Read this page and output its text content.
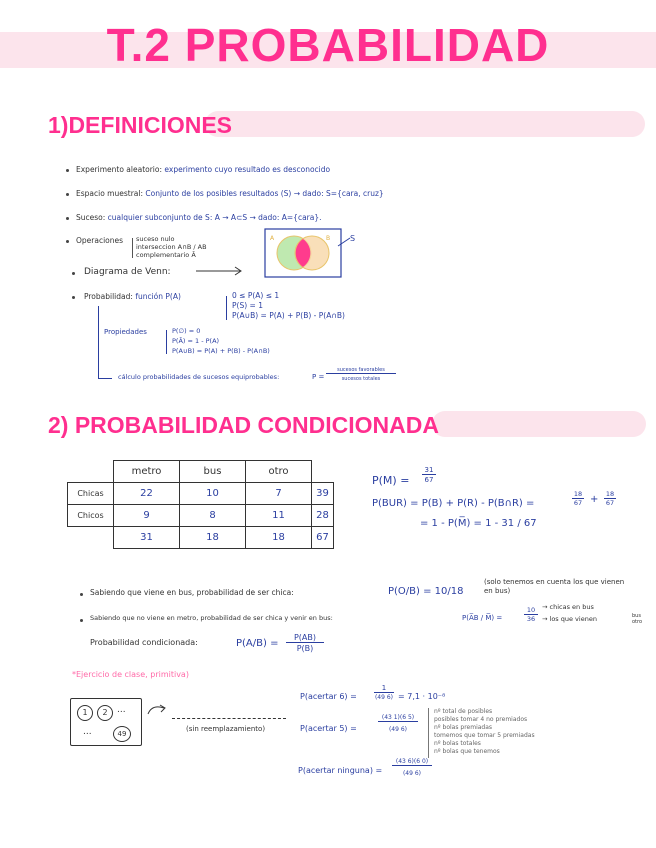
T.2 PROBABILIDAD
1)DEFINICIONES
Experimento aleatorio: experimento cuyo resultado es desconocido
Espacio muestral: Conjunto de los posibles resultados (S) → dado: S={cara, cruz}
Suceso: cualquier subconjunto de S: A → A⊂S → dado: A={cara}.
Operaciones suceso nulo
interseccion A∩B / AB
complementario Ā
Diagrama de Venn:
A	B S
Probabilidad: función P(A)	0 ≤ P(A) ≤ 1
P(S) = 1
P(A∪B) = P(A) + P(B) - P(A∩B)
Propiedades	P(∅) = 0
P(Ā) = 1 - P(A)
P(A∪B) = P(A) + P(B) - P(A∩B)
cálculo probabilidades de sucesos equiprobables:	P =
sucesos favorables
sucesos totales
2) PROBABILIDAD CONDICIONADA
	metro	bus	otro	
Chicas	22	10	7	39
Chicos	9	8	11	28
	31	18	18	67
P(M) =
31
67
P(BUR) = P(B) + P(R) - P(B∩R) =
18
67 + 18
67
= 1 - P(M̅) = 1 - 31 / 67
Sabiendo que viene en bus, probabilidad de ser chica:	P(O/B) = 10/18
(solo tenemos en cuenta los que vienen en bus)
Sabiendo que no viene en metro, probabilidad de ser chica y venir en bus:	P(A̅B / M̅) =
10
36
→ chicas en bus
→ los que vienen	bus
otro
Probabilidad condicionada:	P(A/B) =
P(AB)
P(B)
*Ejercicio de clase, primitiva)
1	2	...
...	49
(sin reemplazamiento)
P(acertar 6) =
1
(49 6) = 7,1 · 10⁻⁸
P(acertar 5) =
(43 1)(6 5)
(49 6)
nº total de posibles
posibles tomar 4 no premiados
nº bolas premiadas
tomemos que tomar 5 premiadas
nº bolas totales
nº bolas que tenemos
P(acertar ninguna) =
(43 6)(6 0)
(49 6)
